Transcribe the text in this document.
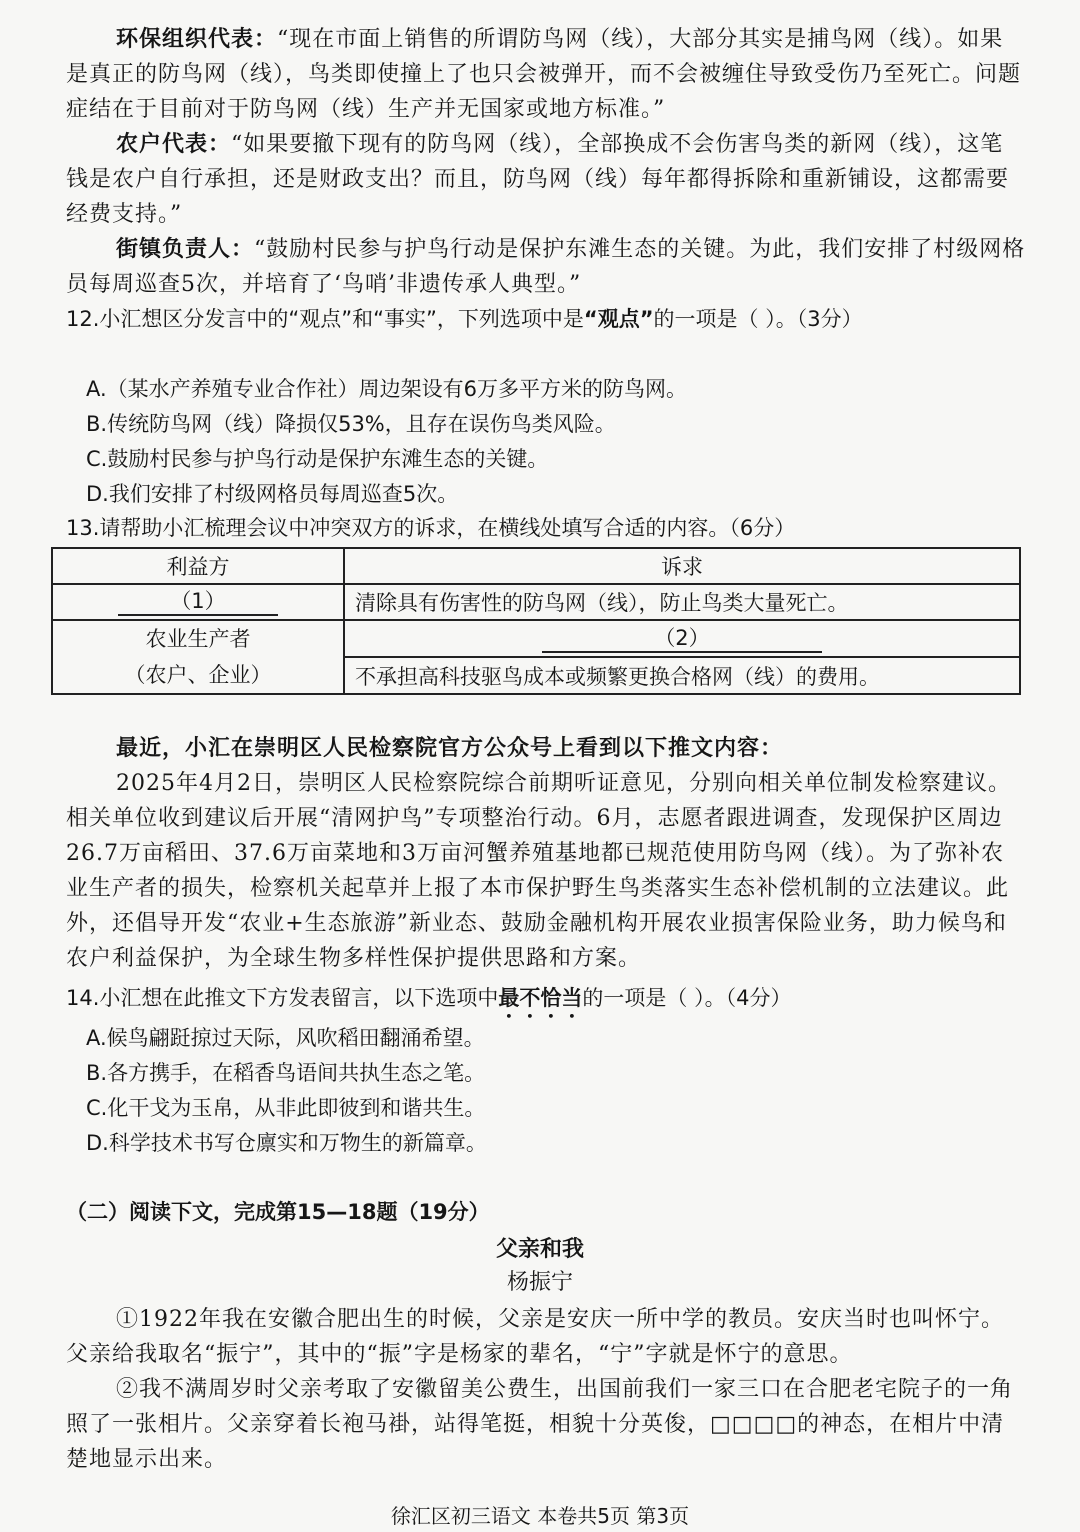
环保组织代表：“现在市面上销售的所谓防鸟网（线），大部分其实是捕鸟网（线）。如果是真正的防鸟网（线），鸟类即使撞上了也只会被弹开，而不会被缠住导致受伤乃至死亡。问题症结在于目前对于防鸟网（线）生产并无国家或地方标准。”
农户代表：“如果要撤下现有的防鸟网（线），全部换成不会伤害鸟类的新网（线），这笔钱是农户自行承担，还是财政支出？而且，防鸟网（线）每年都得拆除和重新铺设，这都需要经费支持。”
街镇负责人：“鼓励村民参与护鸟行动是保护东滩生态的关键。为此，我们安排了村级网格员每周巡查5次，并培育了‘鸟哨’非遗传承人典型。”
12.小汇想区分发言中的“观点”和“事实”，下列选项中是“观点”的一项是（ ）。（3分）
A.（某水产养殖专业合作社）周边架设有6万多平方米的防鸟网。
B.传统防鸟网（线）降损仅53%，且存在误伤鸟类风险。
C.鼓励村民参与护鸟行动是保护东滩生态的关键。
D.我们安排了村级网格员每周巡查5次。
13.请帮助小汇梳理会议中冲突双方的诉求，在横线处填写合适的内容。（6分）
利益方	诉求
（1）	清除具有伤害性的防鸟网（线），防止鸟类大量死亡。

农业生产者
（农户、企业）	（2）
	不承担高科技驱鸟成本或频繁更换合格网（线）的费用。
最近，小汇在崇明区人民检察院官方公众号上看到以下推文内容：
2025年4月2日，崇明区人民检察院综合前期听证意见，分别向相关单位制发检察建议。相关单位收到建议后开展“清网护鸟”专项整治行动。6月，志愿者跟进调查，发现保护区周边26.7万亩稻田、37.6万亩菜地和3万亩河蟹养殖基地都已规范使用防鸟网（线）。为了弥补农业生产者的损失，检察机关起草并上报了本市保护野生鸟类落实生态补偿机制的立法建议。此外，还倡导开发“农业+生态旅游”新业态、鼓励金融机构开展农业损害保险业务，助力候鸟和农户利益保护，为全球生物多样性保护提供思路和方案。
14.小汇想在此推文下方发表留言，以下选项中最不恰当的一项是（ ）。（4分）
A.候鸟翩跹掠过天际，风吹稻田翻涌希望。
B.各方携手，在稻香鸟语间共执生态之笔。
C.化干戈为玉帛，从非此即彼到和谐共生。
D.科学技术书写仓廪实和万物生的新篇章。
（二）阅读下文，完成第15—18题（19分）
父亲和我
杨振宁
①1922年我在安徽合肥出生的时候，父亲是安庆一所中学的教员。安庆当时也叫怀宁。父亲给我取名“振宁”，其中的“振”字是杨家的辈名，“宁”字就是怀宁的意思。
②我不满周岁时父亲考取了安徽留美公费生，出国前我们一家三口在合肥老宅院子的一角照了一张相片。父亲穿着长袍马褂，站得笔挺，相貌十分英俊，□□□□的神态，在相片中清楚地显示出来。
徐汇区初三语文 本卷共5页 第3页
